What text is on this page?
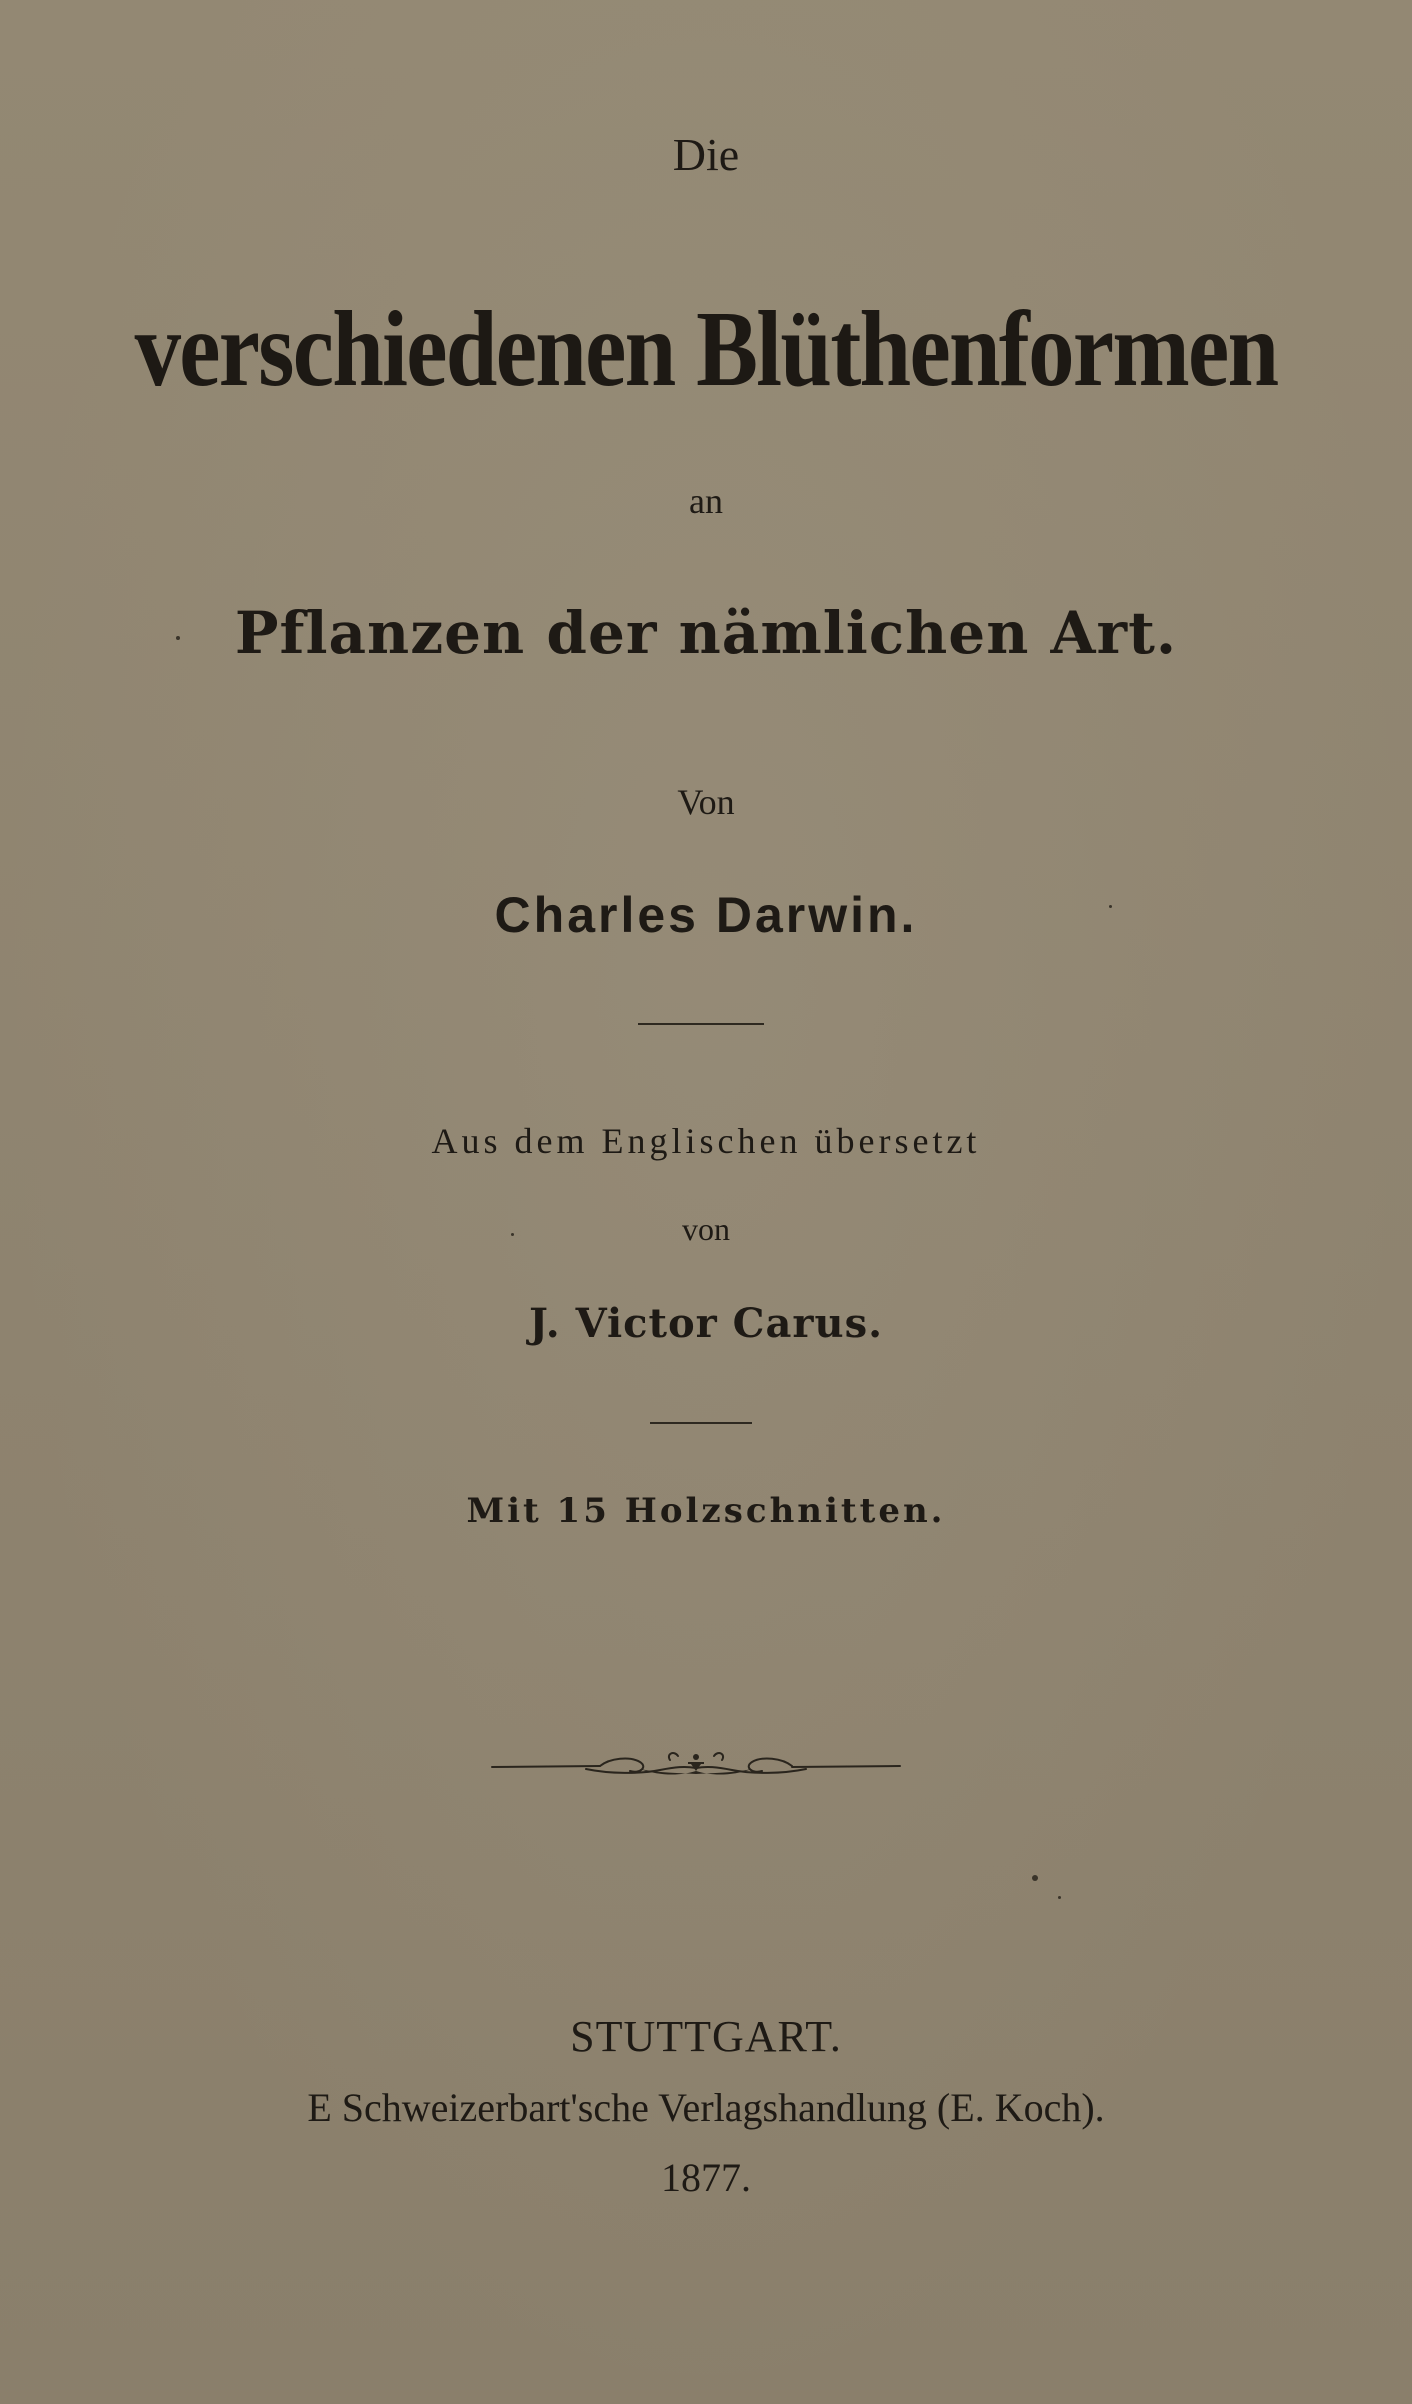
Die
verschiedenen Blüthenformen
an
Pflanzen der nämlichen Art.
Von
Charles Darwin.
Aus dem Englischen übersetzt
von
J. Victor Carus.
Mit 15 Holzschnitten.
STUTTGART.
E Schweizerbart'sche Verlagshandlung (E. Koch).
1877.
